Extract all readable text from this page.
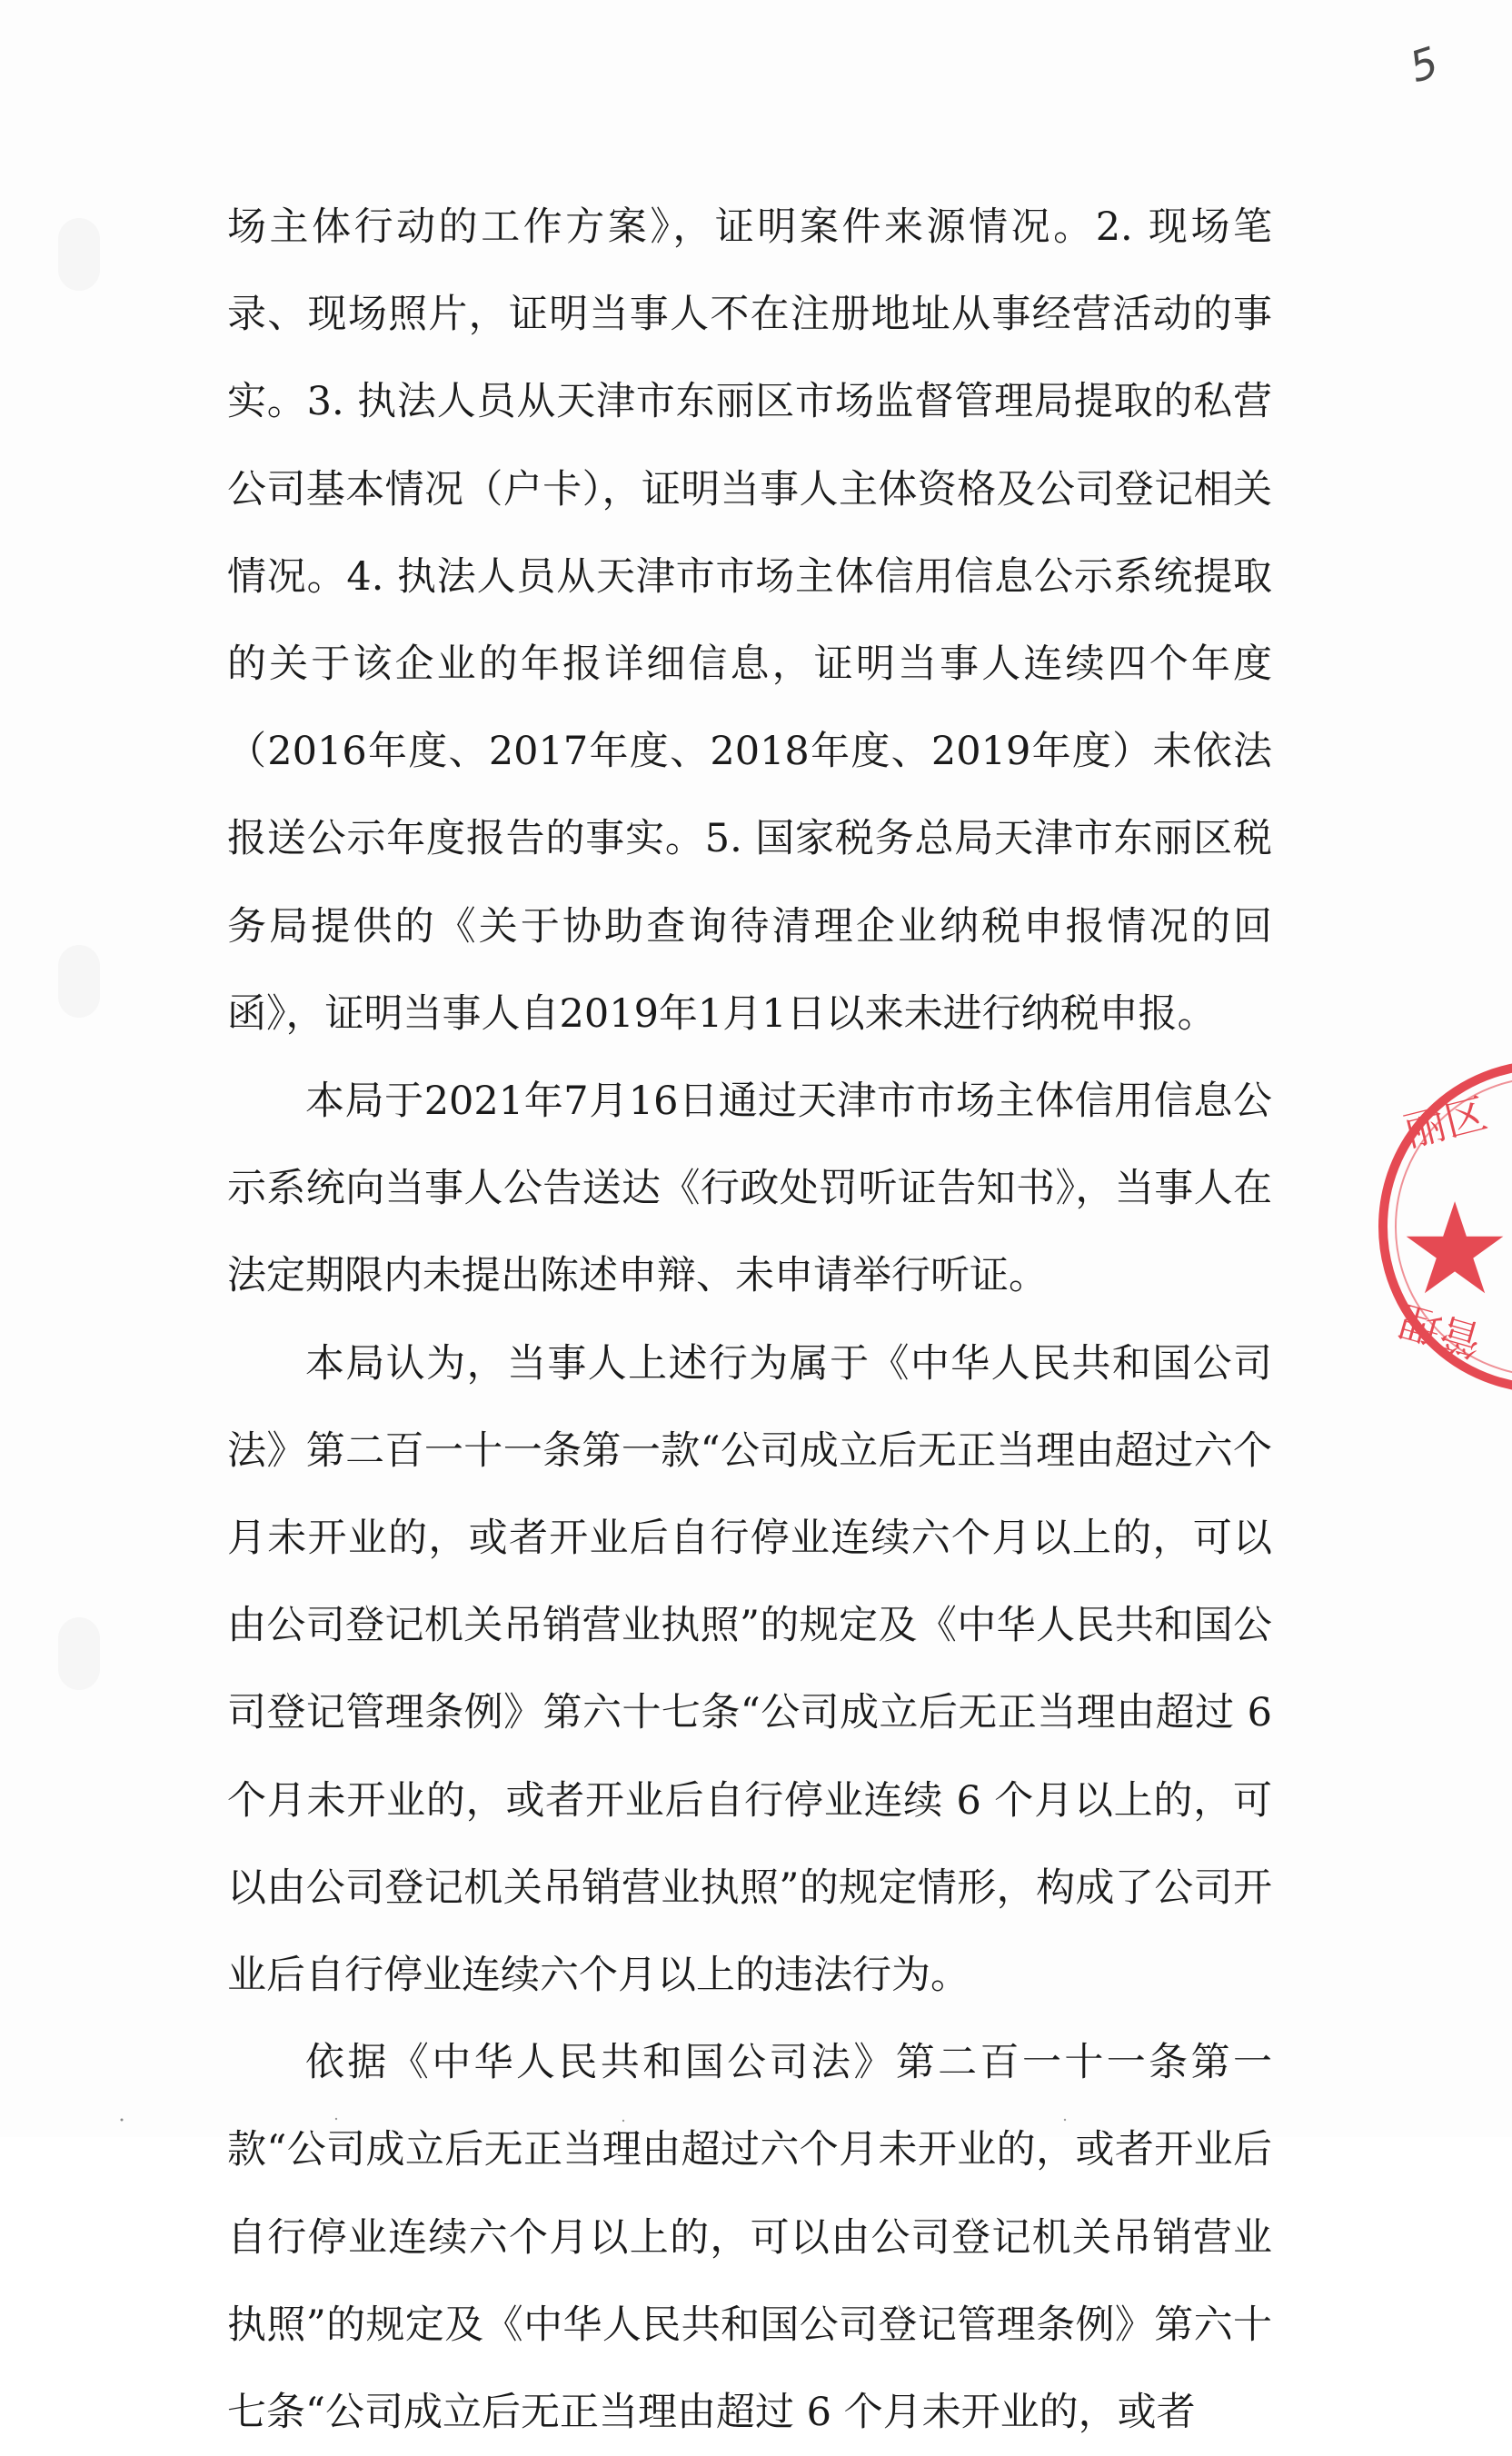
5

场主体行动的工作方案》，证明案件来源情况。2. 现场笔录、现场照片，证明当事人不在注册地址从事经营活动的事实。3. 执法人员从天津市东丽区市场监督管理局提取的私营公司基本情况（户卡），证明当事人主体资格及公司登记相关情况。4. 执法人员从天津市市场主体信用信息公示系统提取的关于该企业的年报详细信息，证明当事人连续四个年度（2016年度、2017年度、2018年度、2019年度）未依法报送公示年度报告的事实。5. 国家税务总局天津市东丽区税务局提供的《关于协助查询待清理企业纳税申报情况的回函》，证明当事人自2019年1月1日以来未进行纳税申报。

本局于2021年7月16日通过天津市市场主体信用信息公示系统向当事人公告送达《行政处罚听证告知书》，当事人在法定期限内未提出陈述申辩、未申请举行听证。

本局认为，当事人上述行为属于《中华人民共和国公司法》第二百一十一条第一款“公司成立后无正当理由超过六个月未开业的，或者开业后自行停业连续六个月以上的，可以由公司登记机关吊销营业执照”的规定及《中华人民共和国公司登记管理条例》第六十七条“公司成立后无正当理由超过 6 个月未开业的，或者开业后自行停业连续 6 个月以上的，可以由公司登记机关吊销营业执照”的规定情形，构成了公司开业后自行停业连续六个月以上的违法行为。

依据《中华人民共和国公司法》第二百一十一条第一款“公司成立后无正当理由超过六个月未开业的，或者开业后自行停业连续六个月以上的，可以由公司登记机关吊销营业执照”的规定及《中华人民共和国公司登记管理条例》第六十七条“公司成立后无正当理由超过 6 个月未开业的，或者

丽区
管理
